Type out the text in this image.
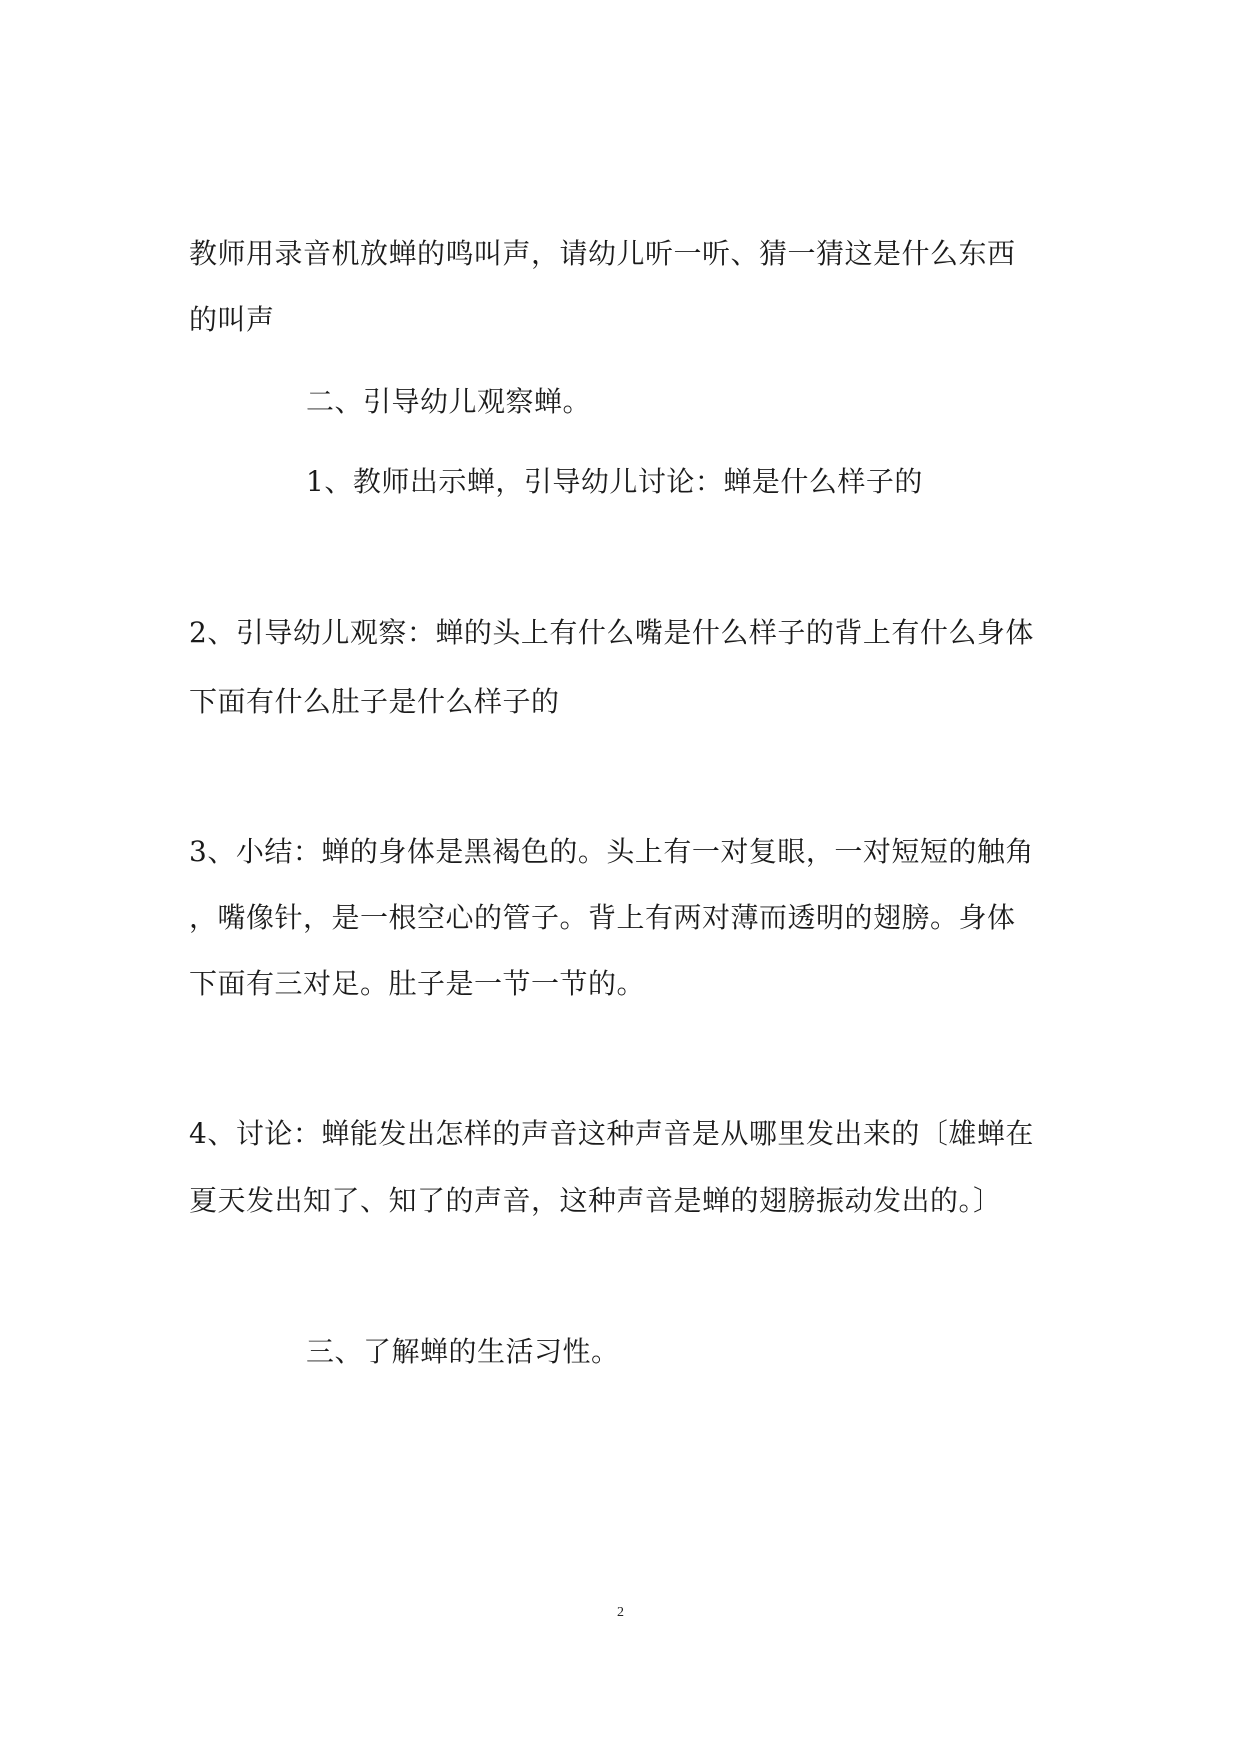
教师用录音机放蝉的鸣叫声，请幼儿听一听、猜一猜这是什么东西
的叫声
二、引导幼儿观察蝉。
1、教师出示蝉，引导幼儿讨论：蝉是什么样子的
2、引导幼儿观察：蝉的头上有什么嘴是什么样子的背上有什么身体
下面有什么肚子是什么样子的
3、小结：蝉的身体是黑褐色的。头上有一对复眼，一对短短的触角
，嘴像针，是一根空心的管子。背上有两对薄而透明的翅膀。身体
下面有三对足。肚子是一节一节的。
4、讨论：蝉能发出怎样的声音这种声音是从哪里发出来的〔雄蝉在
夏天发出知了、知了的声音，这种声音是蝉的翅膀振动发出的。〕
三、了解蝉的生活习性。
2
